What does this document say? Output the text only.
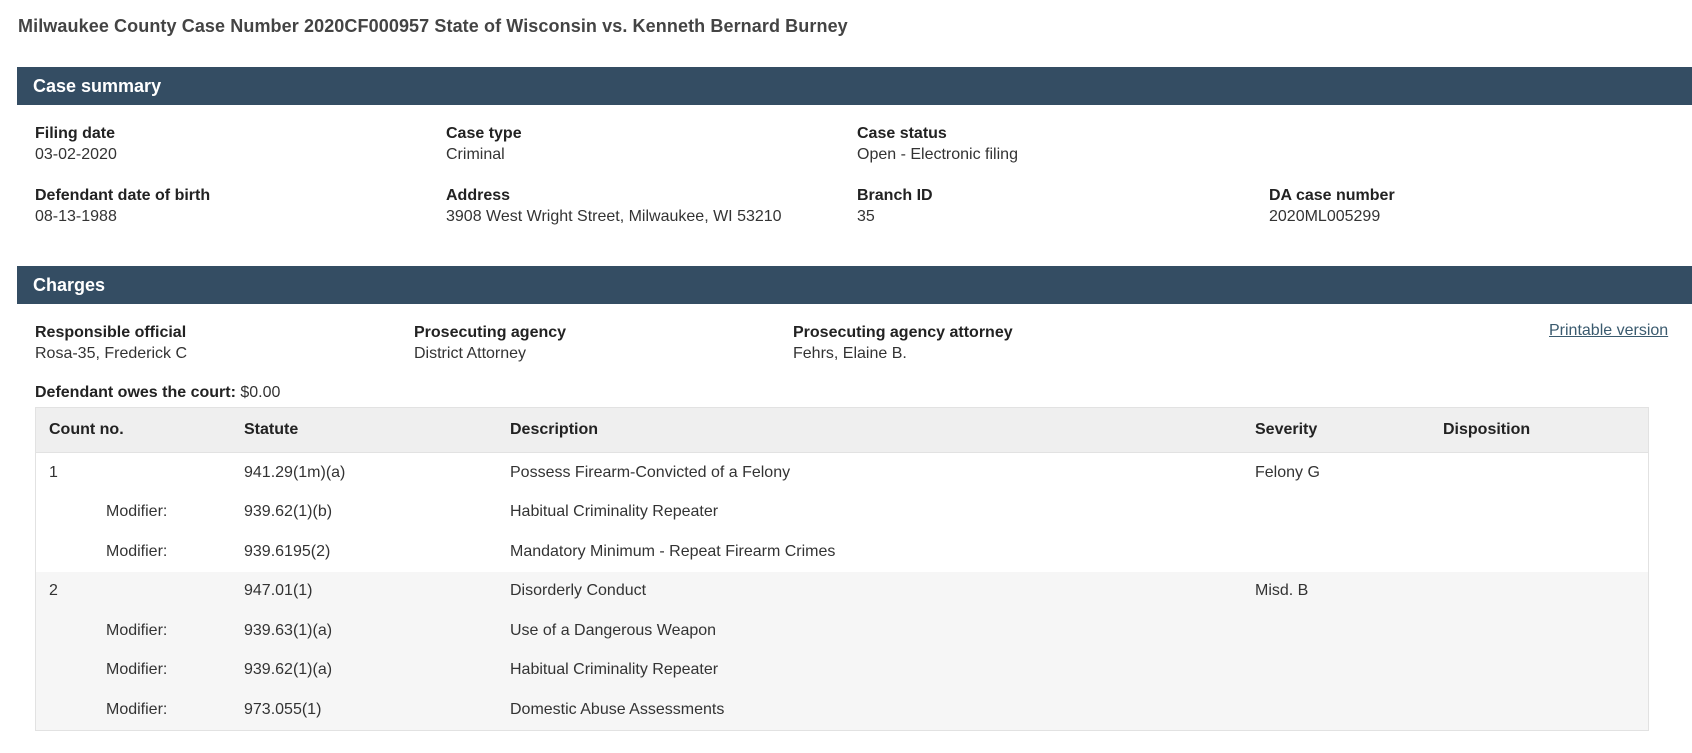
Milwaukee County Case Number 2020CF000957 State of Wisconsin vs. Kenneth Bernard Burney
Case summary
Filing date
03-02-2020
Case type
Criminal
Case status
Open - Electronic filing
Defendant date of birth
08-13-1988
Address
3908 West Wright Street, Milwaukee, WI 53210
Branch ID
35
DA case number
2020ML005299
Charges
Responsible official
Rosa-35, Frederick C
Prosecuting agency
District Attorney
Prosecuting agency attorney
Fehrs, Elaine B.
Printable version
Defendant owes the court: $0.00
Count no.	Statute	Description	Severity	Disposition
1	941.29(1m)(a)	Possess Firearm-Convicted of a Felony	Felony G
Modifier:	939.62(1)(b)	Habitual Criminality Repeater
Modifier:	939.6195(2)	Mandatory Minimum - Repeat Firearm Crimes
2	947.01(1)	Disorderly Conduct	Misd. B
Modifier:	939.63(1)(a)	Use of a Dangerous Weapon
Modifier:	939.62(1)(a)	Habitual Criminality Repeater
Modifier:	973.055(1)	Domestic Abuse Assessments
